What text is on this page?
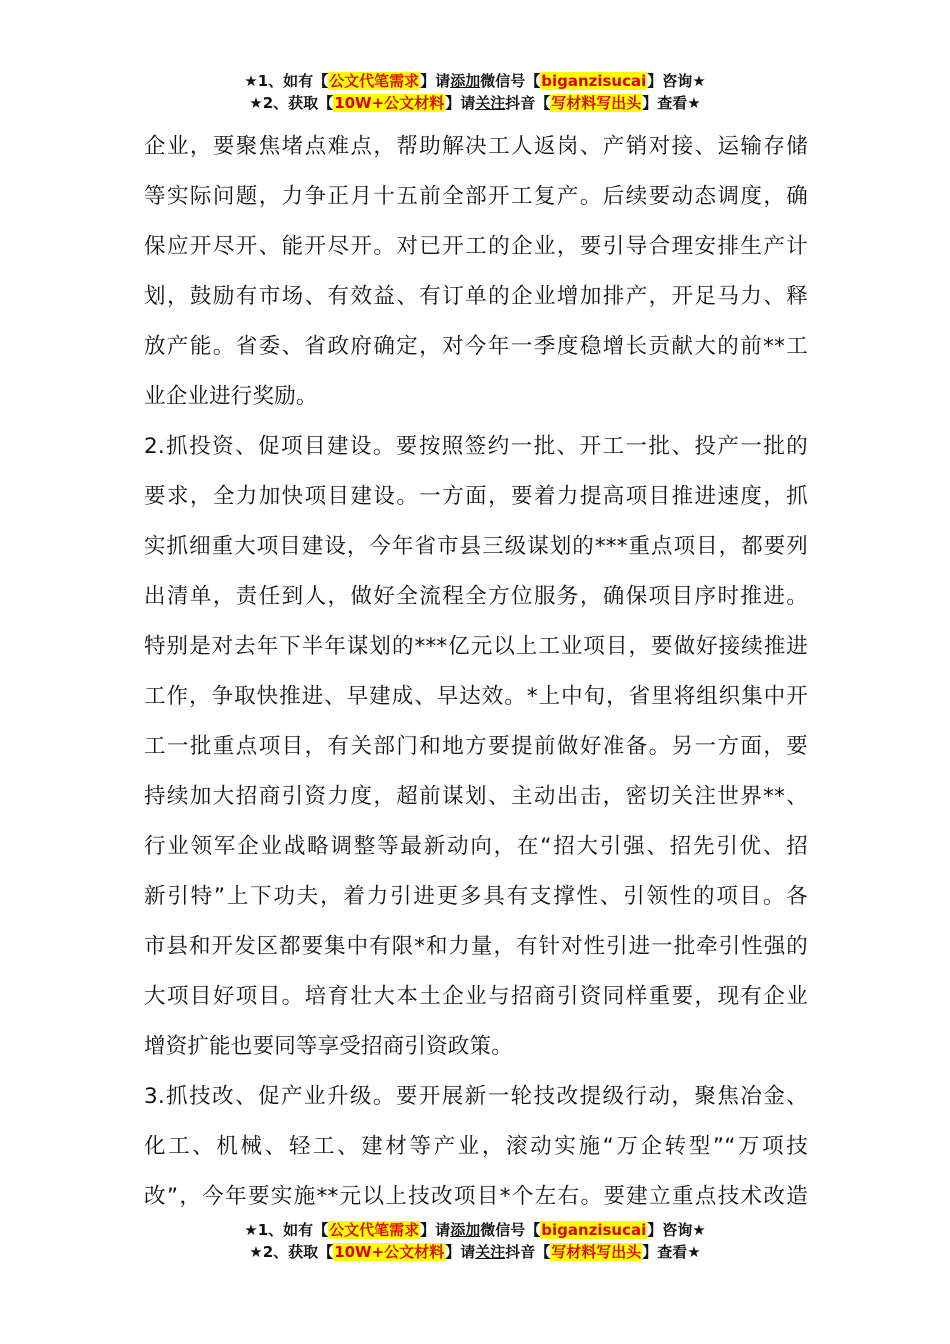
★1、如有【公文代笔需求】请添加微信号【biganzisucai】咨询★
★2、获取【10W+公文材料】请关注抖音【写材料写出头】查看★
企业，要聚焦堵点难点，帮助解决工人返岗、产销对接、运输存储
等实际问题，力争正月十五前全部开工复产。后续要动态调度，确
保应开尽开、能开尽开。对已开工的企业，要引导合理安排生产计
划，鼓励有市场、有效益、有订单的企业增加排产，开足马力、释
放产能。省委、省政府确定，对今年一季度稳增长贡献大的前**工
业企业进行奖励。
2.抓投资、促项目建设。要按照签约一批、开工一批、投产一批的
要求，全力加快项目建设。一方面，要着力提高项目推进速度，抓
实抓细重大项目建设，今年省市县三级谋划的***重点项目，都要列
出清单，责任到人，做好全流程全方位服务，确保项目序时推进。
特别是对去年下半年谋划的***亿元以上工业项目，要做好接续推进
工作，争取快推进、早建成、早达效。*上中旬，省里将组织集中开
工一批重点项目，有关部门和地方要提前做好准备。另一方面，要
持续加大招商引资力度，超前谋划、主动出击，密切关注世界**、
行业领军企业战略调整等最新动向，在“招大引强、招先引优、招
新引特”上下功夫，着力引进更多具有支撑性、引领性的项目。各
市县和开发区都要集中有限*和力量，有针对性引进一批牵引性强的
大项目好项目。培育壮大本土企业与招商引资同样重要，现有企业
增资扩能也要同等享受招商引资政策。
3.抓技改、促产业升级。要开展新一轮技改提级行动，聚焦冶金、
化工、机械、轻工、建材等产业，滚动实施“万企转型”“万项技
改”，今年要实施**元以上技改项目*个左右。要建立重点技术改造
★1、如有【公文代笔需求】请添加微信号【biganzisucai】咨询★
★2、获取【10W+公文材料】请关注抖音【写材料写出头】查看★
